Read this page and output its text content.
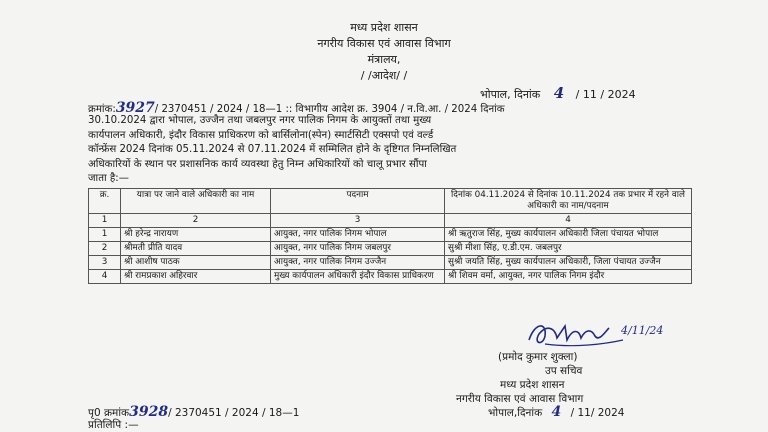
मध्य प्रदेश शासन
नगरीय विकास एवं आवास विभाग
मंत्रालय,
/ /आदेश/ /
भोपाल, दिनांक 4 / 11 / 2024
क्रमांक:3927/ 2370451 / 2024 / 18—1 :: विभागीय आदेश क्र. 3904 / न.वि.आ. / 2024 दिनांक
30.10.2024 द्वारा भोपाल, उज्जैन तथा जबलपुर नगर पालिक निगम के आयुक्तों तथा मुख्य
कार्यपालन अधिकारी, इंदौर विकास प्राधिकरण को बार्सिलोना(स्पेन) स्मार्टसिटी एक्सपो एवं वर्ल्ड
कॉन्फ्रेंस 2024 दिनांक 05.11.2024 से 07.11.2024 में सम्मिलित होने के दृष्टिगत निम्नलिखित
अधिकारियों के स्थान पर प्रशासनिक कार्य व्यवस्था हेतु निम्न अधिकारियों को चालू प्रभार सौंपा
जाता है:—
क्र.	यात्रा पर जाने वाले अधिकारी का नाम	पदनाम	दिनांक 04.11.2024 से दिनांक 10.11.2024 तक प्रभार में रहने वाले अधिकारी का नाम/पदनाम
1	2	3	4
1	श्री हरेन्द्र नारायण	आयुक्त, नगर पालिक निगम भोपाल	श्री ऋतुराज सिंह, मुख्य कार्यपालन अधिकारी जिला पंचायत भोपाल
2	श्रीमती प्रीति यादव	आयुक्त, नगर पालिक निगम जबलपुर	सुश्री मीशा सिंह, ए.डी.एम. जबलपुर
3	श्री आशीष पाठक	आयुक्त, नगर पालिक निगम उज्जैन	सुश्री जयति सिंह, मुख्य कार्यपालन अधिकारी, जिला पंचायत उज्जैन
4	श्री रामप्रकाश अहिरवार	मुख्य कार्यपालन अधिकारी इंदौर विकास प्राधिकरण	श्री शिवम वर्मा, आयुक्त, नगर पालिक निगम इंदौर
4/11/24
(प्रमोद कुमार शुक्ला)
उप सचिव
मध्य प्रदेश शासन
नगरीय विकास एवं आवास विभाग
पृ0 क्रमांक3928/ 2370451 / 2024 / 18—1	भोपाल,दिनांक 4 / 11/ 2024
प्रतिलिपि :—
